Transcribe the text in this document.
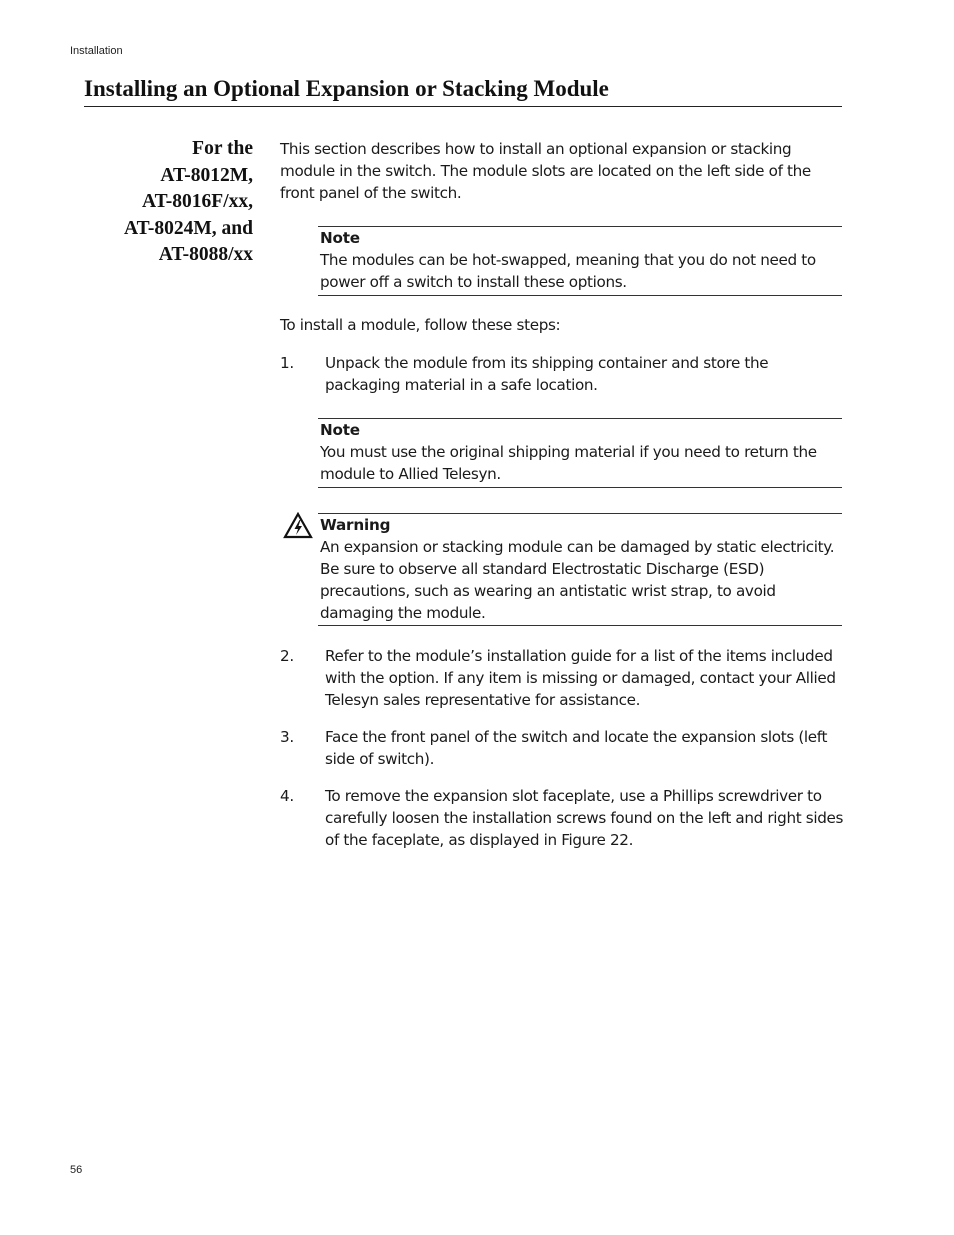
Installation
Installing an Optional Expansion or Stacking Module
For the
AT-8012M,
AT-8016F/xx,
AT-8024M, and
AT-8088/xx
This section describes how to install an optional expansion or stacking module in the switch. The module slots are located on the left side of the front panel of the switch.
Note
The modules can be hot-swapped, meaning that you do not need to power off a switch to install these options.
To install a module, follow these steps:
1.	Unpack the module from its shipping container and store the packaging material in a safe location.
Note
You must use the original shipping material if you need to return the module to Allied Telesyn.
Warning
An expansion or stacking module can be damaged by static electricity. Be sure to observe all standard Electrostatic Discharge (ESD) precautions, such as wearing an antistatic wrist strap, to avoid damaging the module.
2.	Refer to the module’s installation guide for a list of the items included with the option. If any item is missing or damaged, contact your Allied Telesyn sales representative for assistance.
3.	Face the front panel of the switch and locate the expansion slots (left side of switch).
4.	To remove the expansion slot faceplate, use a Phillips screwdriver to carefully loosen the installation screws found on the left and right sides of the faceplate, as displayed in Figure 22.
56
